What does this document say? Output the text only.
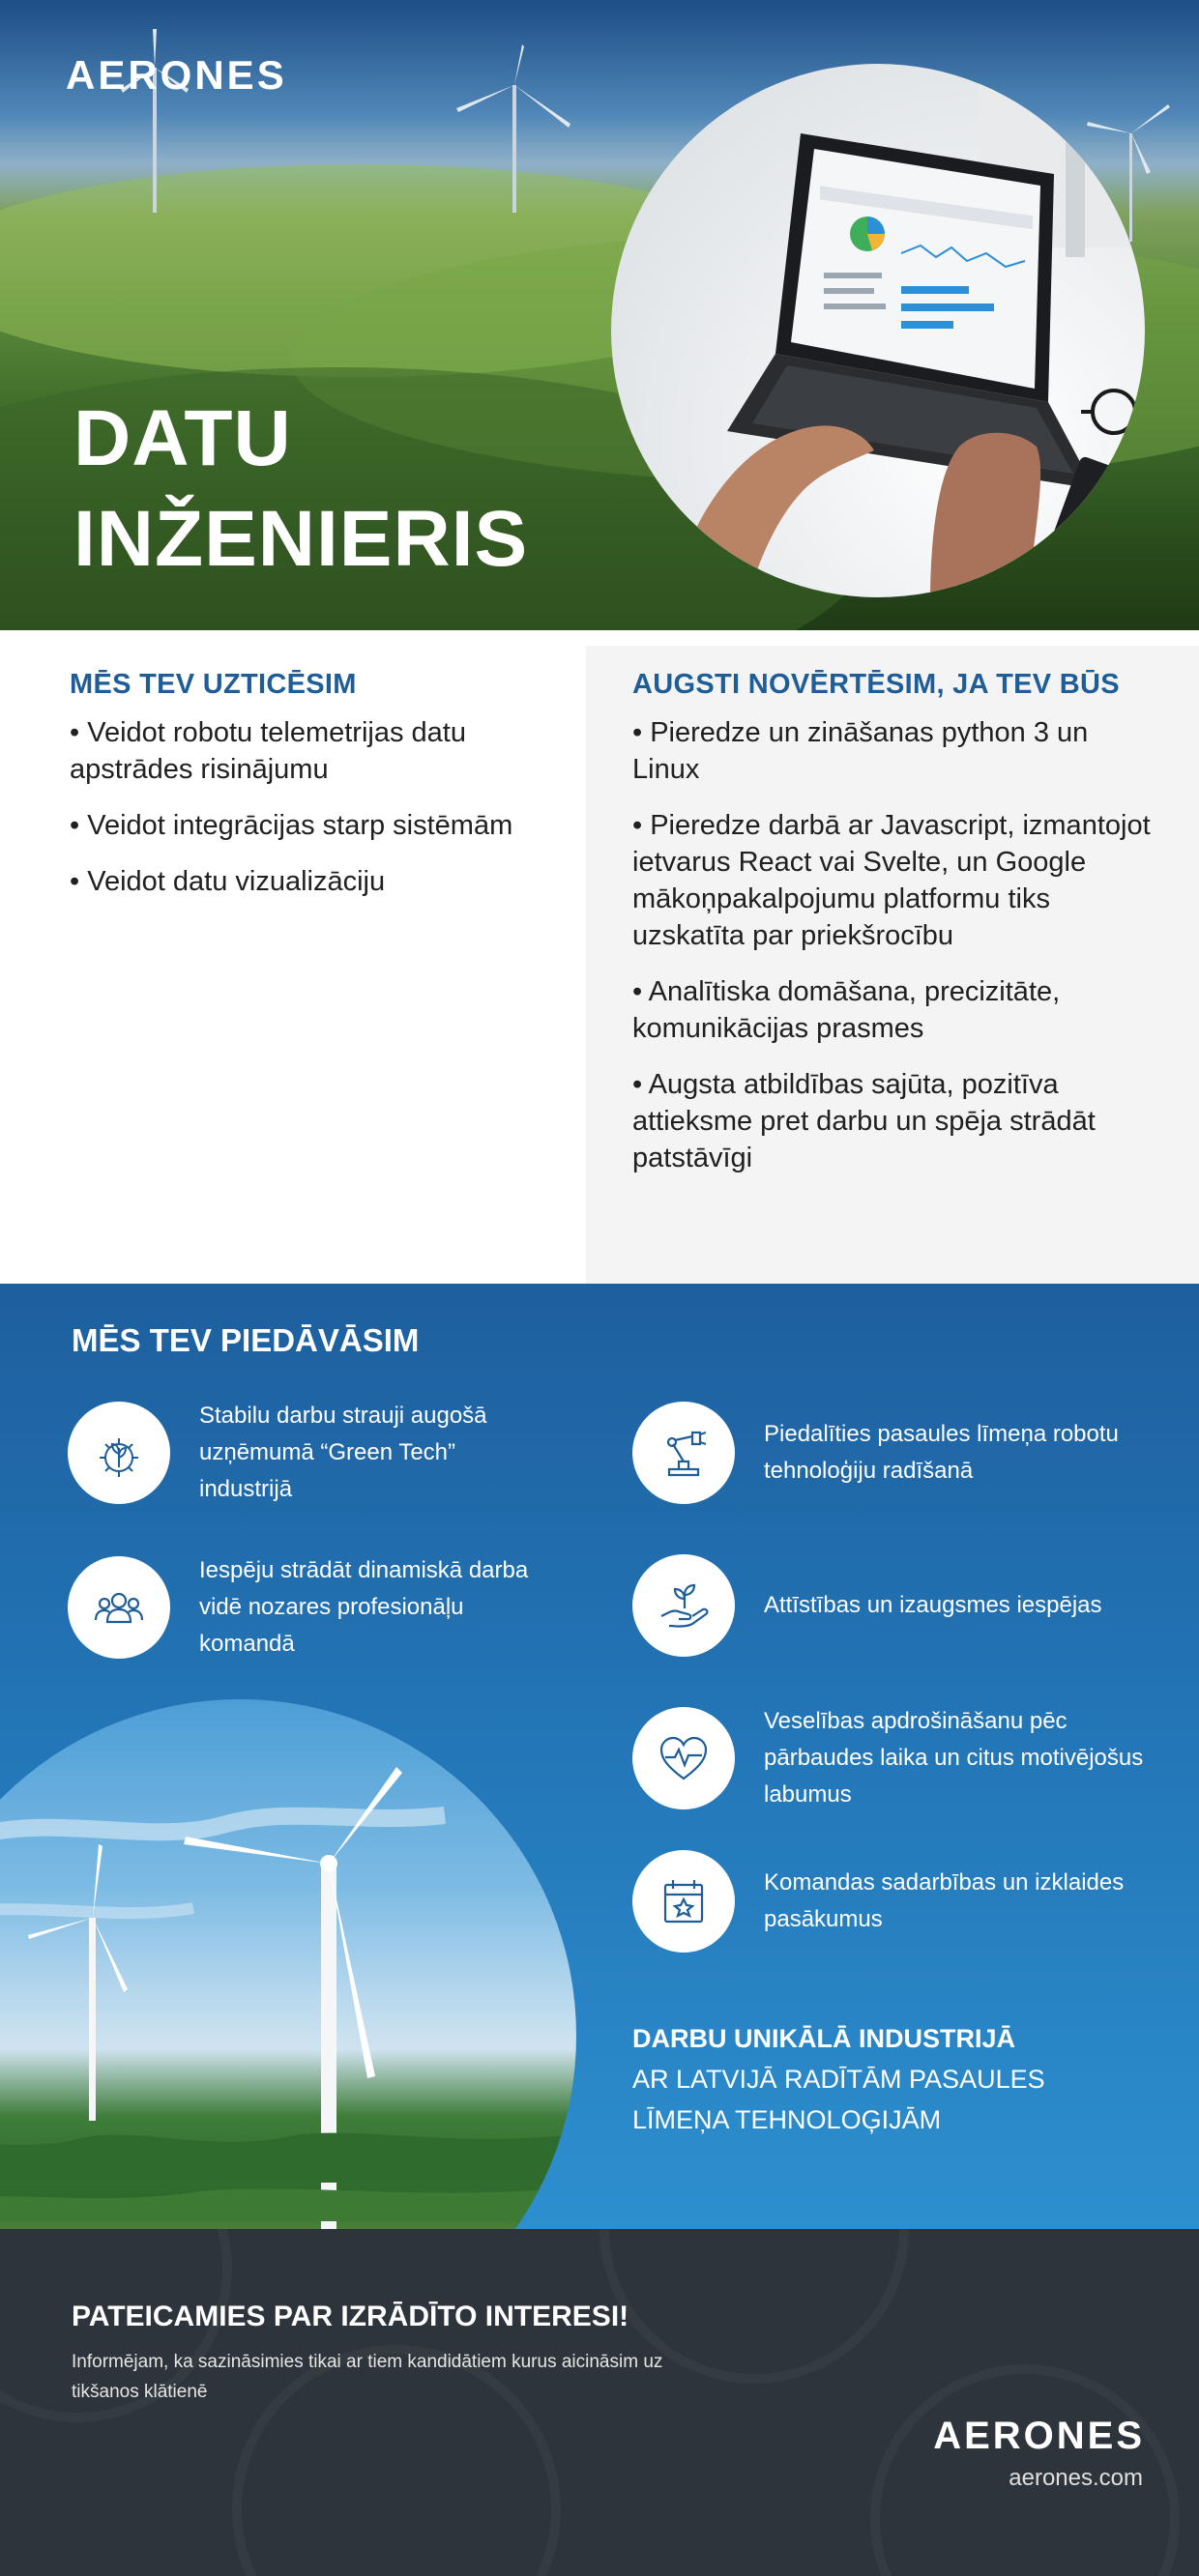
AERONES
DATU
INŽENIERIS
MĒS TEV UZTICĒSIM
• Veidot robotu telemetrijas datu apstrādes risinājumu
• Veidot integrācijas starp sistēmām
• Veidot datu vizualizāciju
AUGSTI NOVĒRTĒSIM, JA TEV BŪS
• Pieredze un zināšanas python 3 un Linux
• Pieredze darbā ar Javascript, izmantojot ietvarus React vai Svelte, un Google mākoņpakalpojumu platformu tiks uzskatīta par priekšrocību
• Analītiska domāšana, precizitāte, komunikācijas prasmes
• Augsta atbildības sajūta, pozitīva attieksme pret darbu un spēja strādāt patstāvīgi
MĒS TEV PIEDĀVĀSIM
Stabilu darbu strauji augošā uzņēmumā “Green Tech” industrijā
Iespēju strādāt dinamiskā darba vidē nozares profesionāļu komandā
Piedalīties pasaules līmeņa robotu tehnoloģiju radīšanā
Attīstības un izaugsmes iespējas
Veselības apdrošināšanu pēc pārbaudes laika un citus motivējošus labumus
Komandas sadarbības un izklaides pasākumus
DARBU UNIKĀLĀ INDUSTRIJĀ
AR LATVIJĀ RADĪTĀM PASAULES
LĪMEŅA TEHNOLOĢIJĀM
PATEICAMIES PAR IZRĀDĪTO INTERESI!
Informējam, ka sazināsimies tikai ar tiem kandidātiem kurus aicināsim uz tikšanos klātienē
AERONES
aerones.com
